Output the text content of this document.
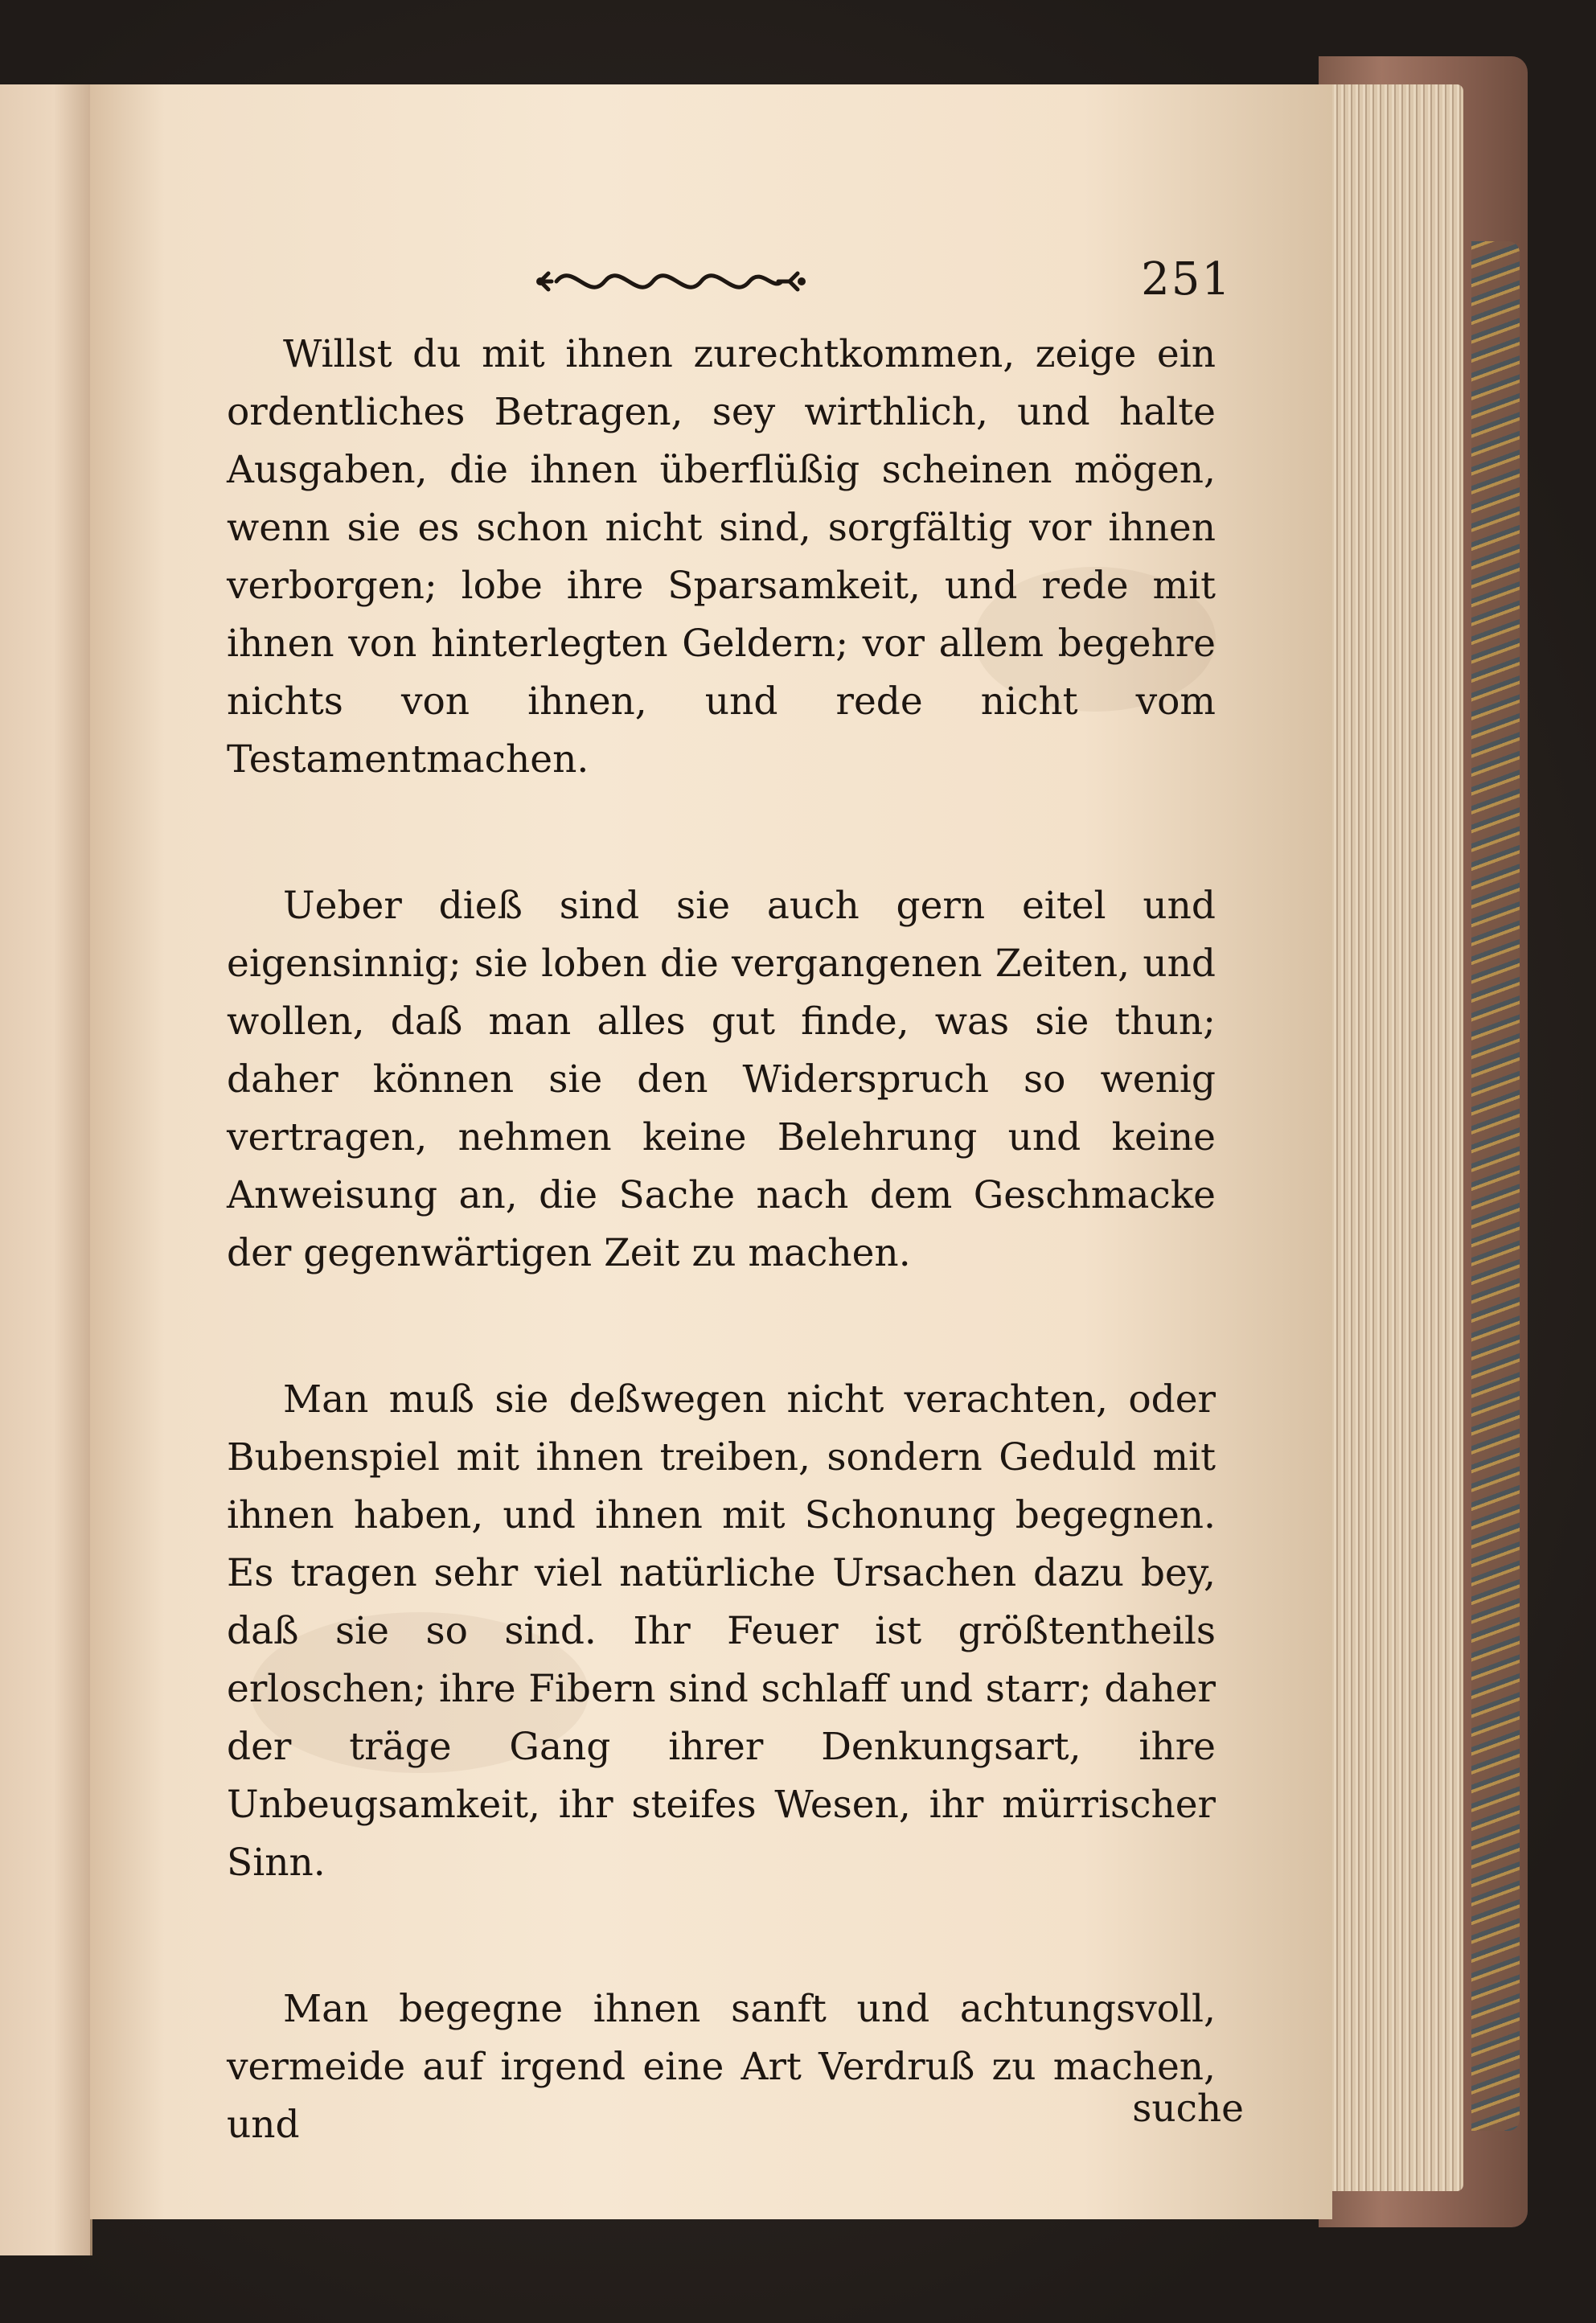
251

Willst du mit ihnen zurechtkommen, zeige ein ordentliches Betragen, sey wirthlich, und halte Ausgaben, die ihnen überflüßig scheinen mögen, wenn sie es schon nicht sind, sorgfältig vor ihnen verborgen; lobe ihre Sparsamkeit, und rede mit ihnen von hinterlegten Geldern; vor allem begehre nichts von ihnen, und rede nicht vom Testamentmachen.

Ueber dieß sind sie auch gern eitel und eigensinnig; sie loben die vergangenen Zeiten, und wollen, daß man alles gut finde, was sie thun; daher können sie den Widerspruch so wenig vertragen, nehmen keine Belehrung und keine Anweisung an, die Sache nach dem Geschmacke der gegenwärtigen Zeit zu machen.

Man muß sie deßwegen nicht verachten, oder Bubenspiel mit ihnen treiben, sondern Geduld mit ihnen haben, und ihnen mit Schonung begegnen. Es tragen sehr viel natürliche Ursachen dazu bey, daß sie so sind. Ihr Feuer ist größtentheils erloschen; ihre Fibern sind schlaff und starr; daher der träge Gang ihrer Denkungsart, ihre Unbeugsamkeit, ihr steifes Wesen, ihr mürrischer Sinn.

Man begegne ihnen sanft und achtungsvoll, vermeide auf irgend eine Art Verdruß zu machen, und	suche
